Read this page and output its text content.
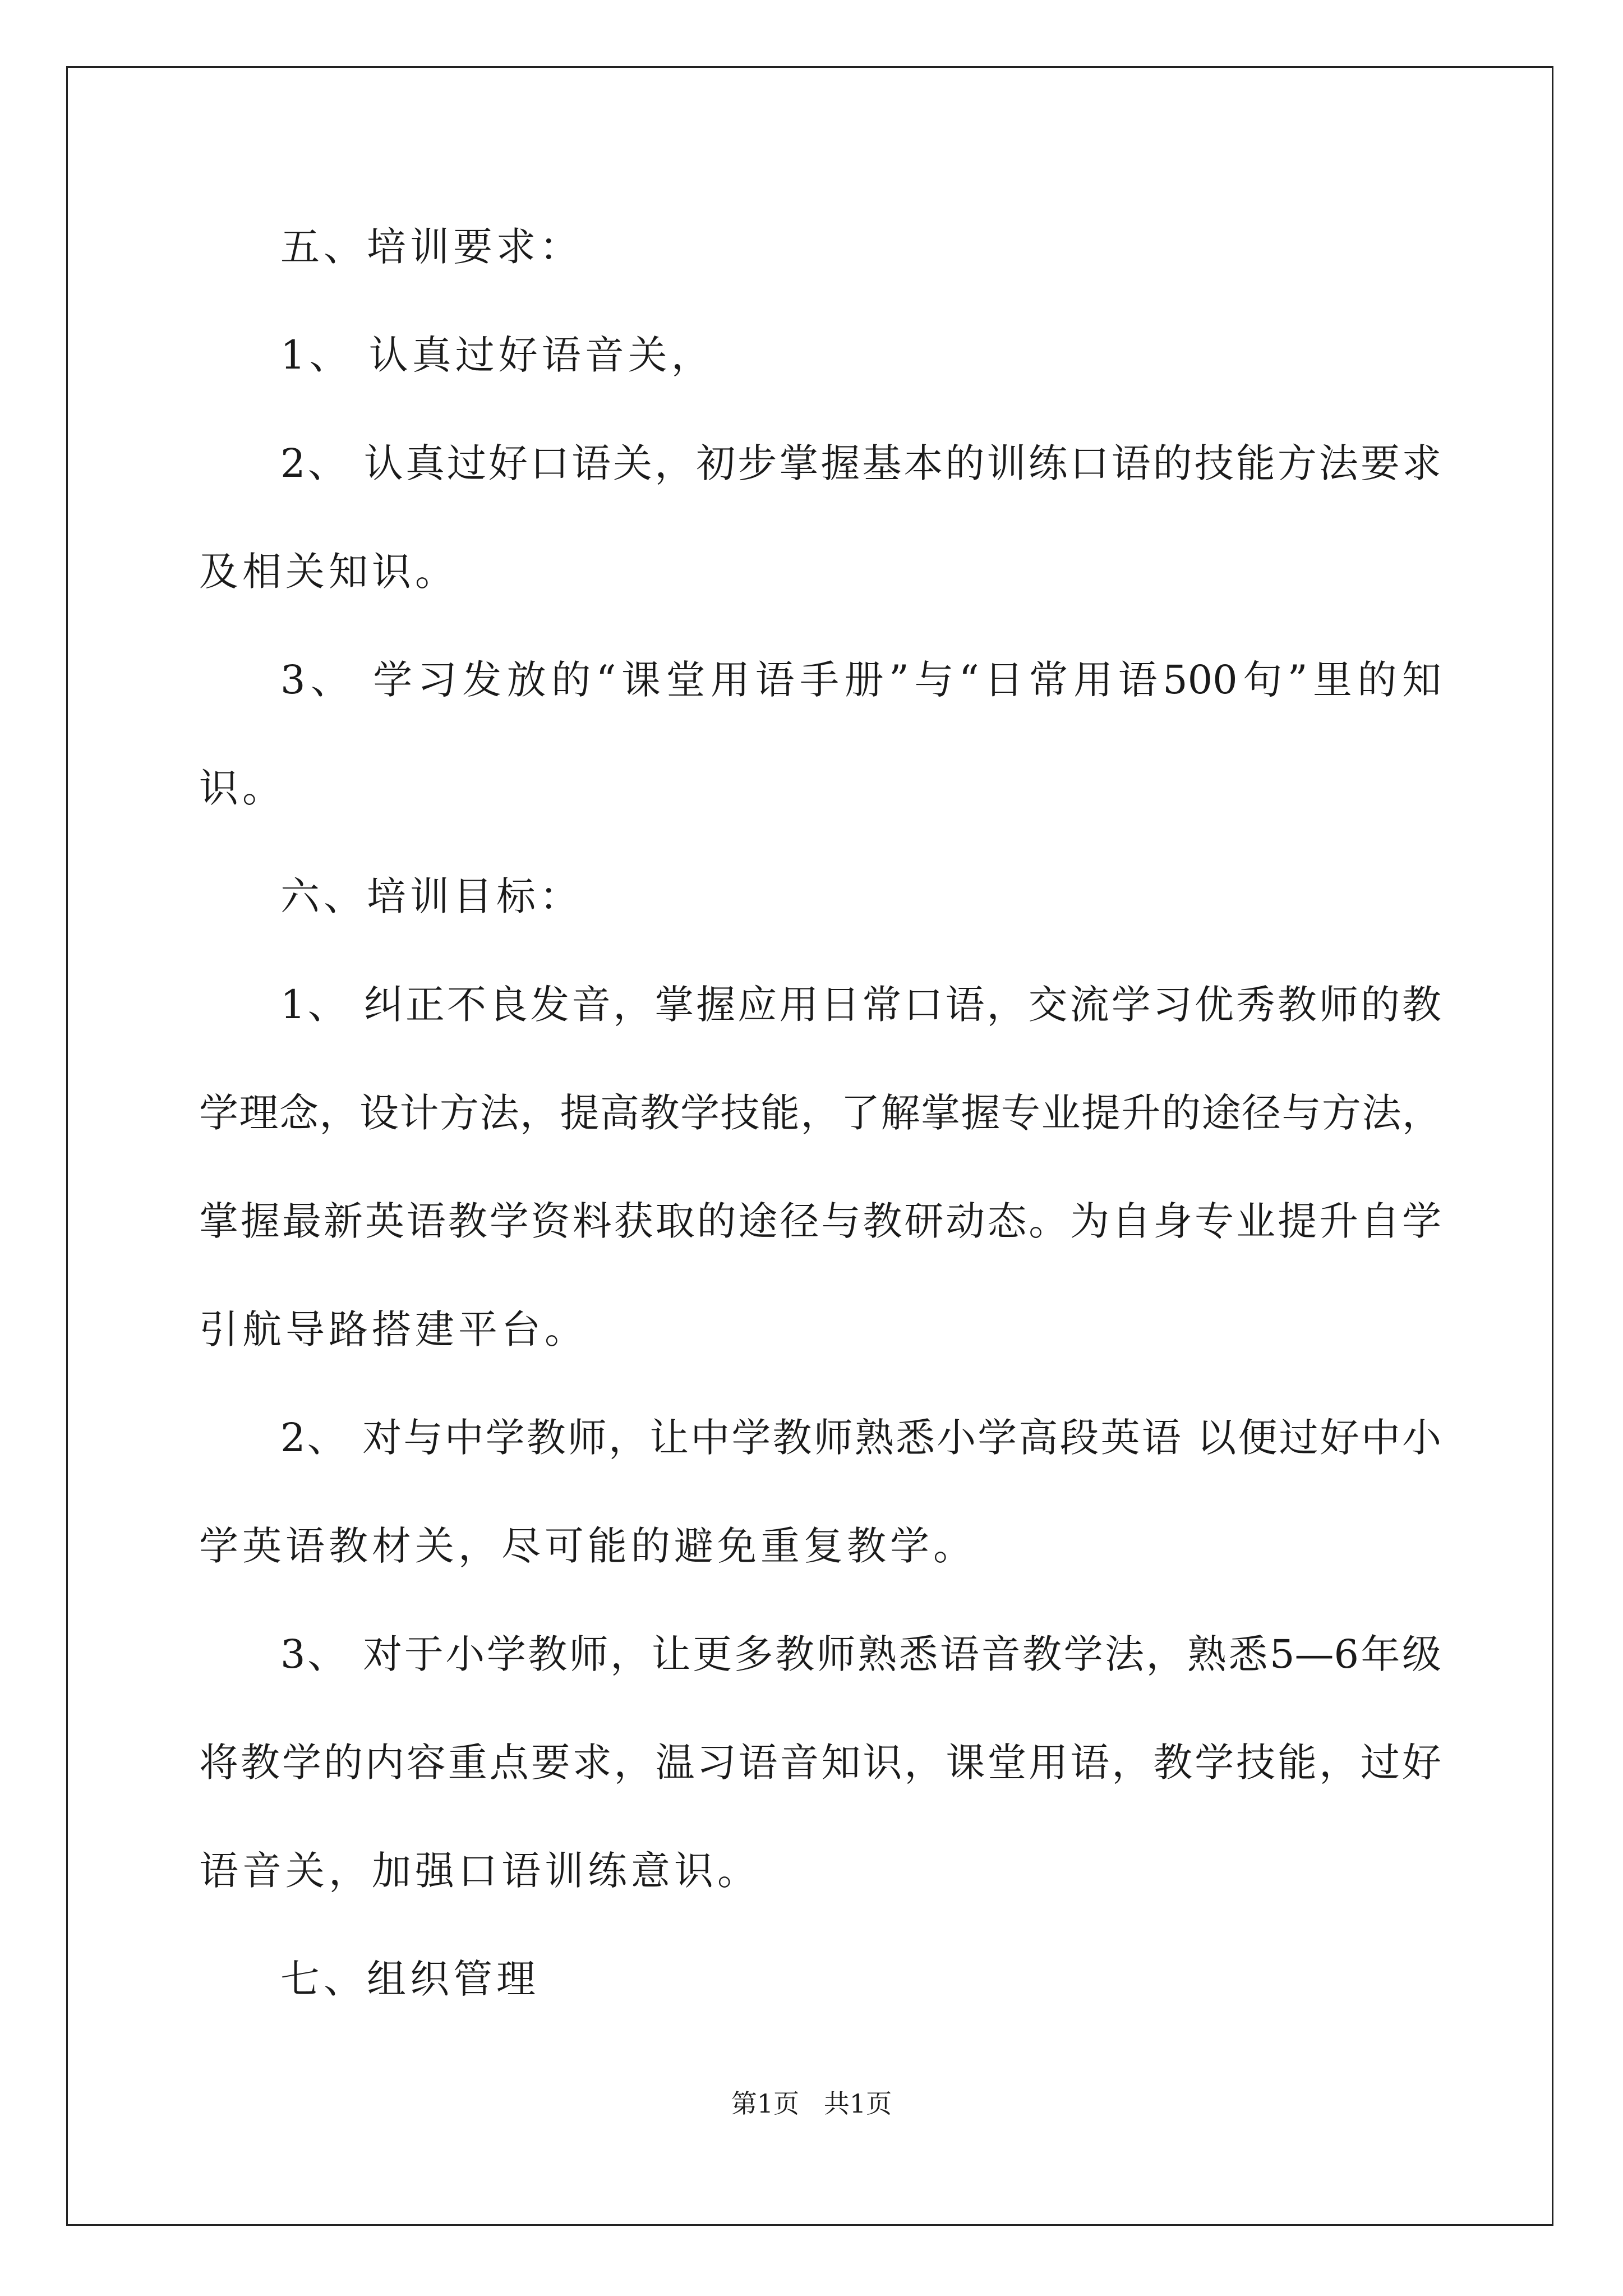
五、培训要求：
1、 认真过好语音关，
2、 认真过好口语关，初步掌握基本的训练口语的技能方法要求
及相关知识。
3、 学习发放的“课堂用语手册”与“日常用语500句”里的知
识。
六、培训目标：
1、 纠正不良发音，掌握应用日常口语，交流学习优秀教师的教
学理念，设计方法，提高教学技能，了解掌握专业提升的途径与方法，
掌握最新英语教学资料获取的途径与教研动态。为自身专业提升自学
引航导路搭建平台。
2、 对与中学教师，让中学教师熟悉小学高段英语 以便过好中小
学英语教材关，尽可能的避免重复教学。
3、 对于小学教师，让更多教师熟悉语音教学法，熟悉5—6年级
将教学的内容重点要求，温习语音知识，课堂用语，教学技能，过好
语音关，加强口语训练意识。
七、组织管理
第1页   共1页
